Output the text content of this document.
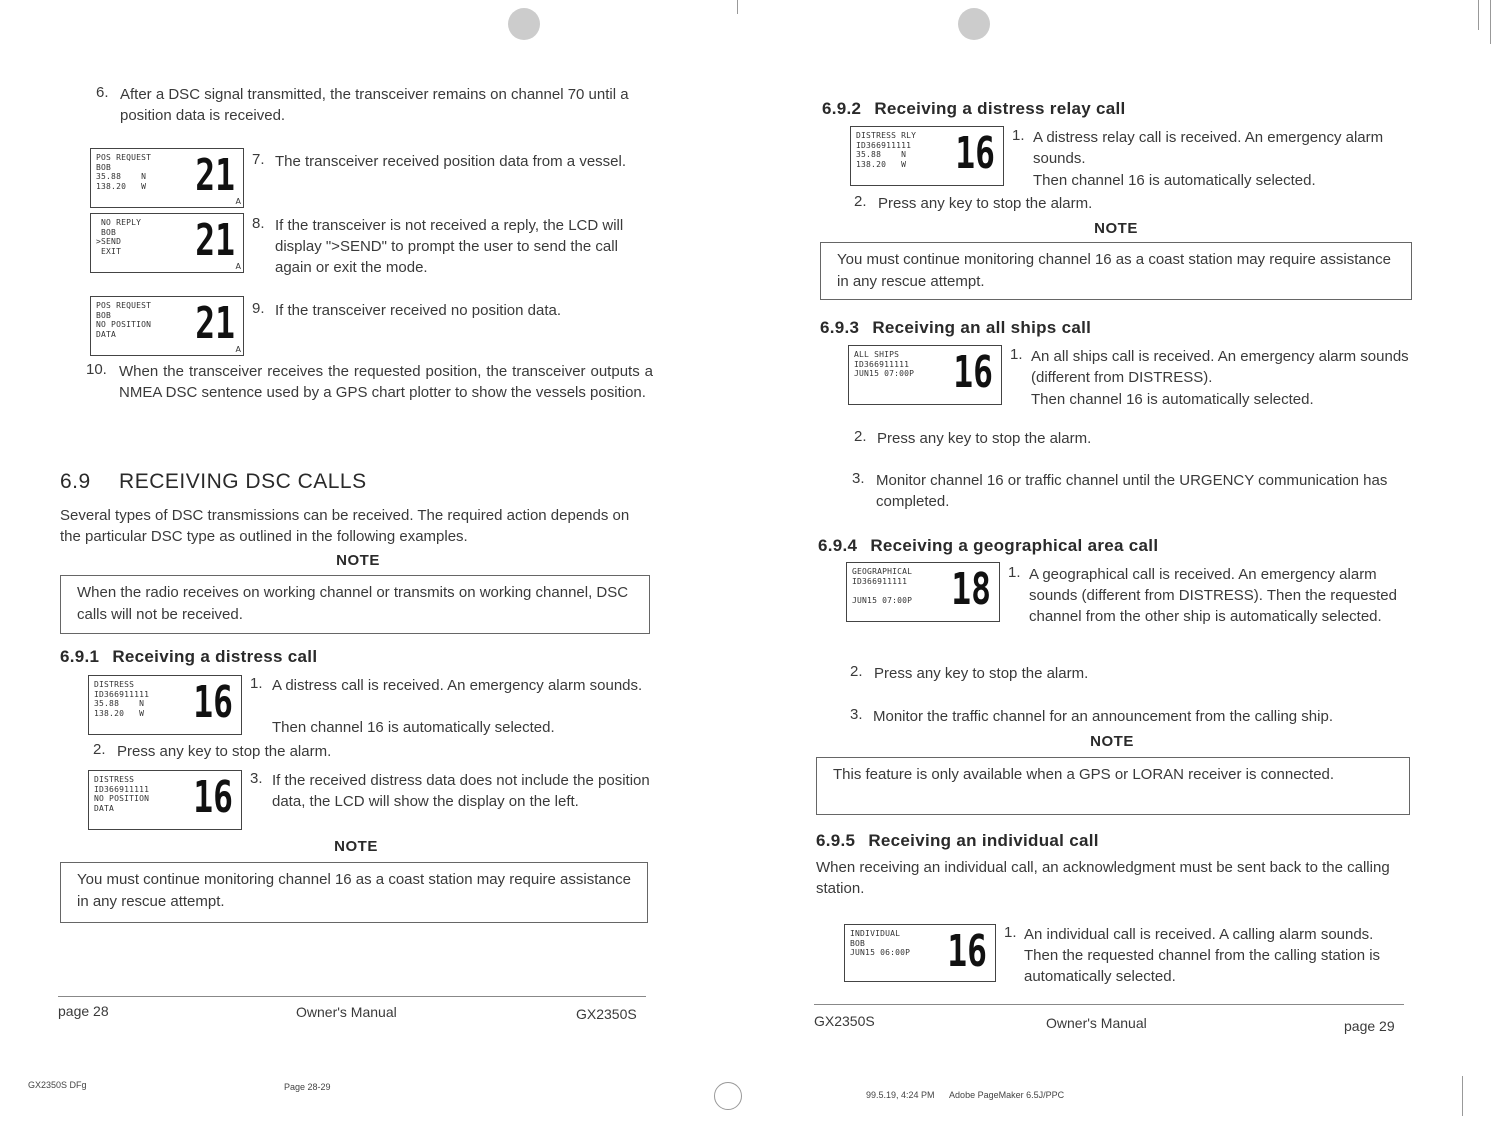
6. After a DSC signal transmitted, the transceiver remains on channel 70 until a position data is received.

POS REQUEST
BOB
35.88    N
138.20   W 21
A
7. The transceiver received position data from a vessel.

NO REPLY
BOB
>SEND
EXIT	21
A
8. If the transceiver is not received a reply, the LCD will display ">SEND" to prompt the user to send the call again or exit the mode.

POS REQUEST
BOB
NO POSITION
DATA	21
A
9. If the transceiver received no position data.

10. When the transceiver receives the requested position, the transceiver outputs a NMEA DSC sentence used by a GPS chart plotter to show the vessels position.

6.9 RECEIVING DSC CALLS

Several types of DSC transmissions can be received. The required action depends on the particular DSC type as outlined in the following examples.

NOTE
When the radio receives on working channel or transmits on working channel, DSC calls will not be received.
6.9.1 Receiving a distress call
DISTRESS
ID366911111
35.88    N
138.20   W 16 1. A distress call is received. An emergency alarm sounds.

Then channel 16 is automatically selected.

2. Press any key to stop the alarm.

DISTRESS
ID366911111
NO POSITION
DATA	16 3. If the received distress data does not include the position data, the LCD will show the display on the left.

NOTE
You must continue monitoring channel 16 as a coast station may require assistance in any rescue attempt.
page 28	Owner's Manual	GX2350S
GX2350S DFg	Page 28-29
6.9.2 Receiving a distress relay call
DISTRESS RLY
ID366911111
35.88    N
138.20   W 16 1. A distress relay call is received. An emergency alarm sounds.

Then channel 16 is automatically selected.

2. Press any key to stop the alarm.

NOTE
You must continue monitoring channel 16 as a coast station may require assistance in any rescue attempt.
6.9.3 Receiving an all ships call
ALL SHIPS
ID366911111
JUN15 07:00P 16 1. An all ships call is received. An emergency alarm sounds (different from DISTRESS).

Then channel 16 is automatically selected.

2. Press any key to stop the alarm.

3. Monitor channel 16 or traffic channel until the URGENCY communication has completed.

6.9.4 Receiving a geographical area call
GEOGRAPHICAL
ID366911111

JUN15 07:00P 18 1. A geographical call is received. An emergency alarm sounds (different from DISTRESS). Then the requested channel from the other ship is automatically selected.

2. Press any key to stop the alarm.

3. Monitor the traffic channel for an announcement from the calling ship.

NOTE
This feature is only available when a GPS or LORAN receiver is connected.
6.9.5 Receiving an individual call

When receiving an individual call, an acknowledgment must be sent back to the calling station.

INDIVIDUAL
BOB
JUN15 06:00P 16 1. An individual call is received. A calling alarm sounds. Then the requested channel from the calling station is automatically selected.

GX2350S	Owner's Manual	page 29
99.5.19, 4:24 PM      Adobe PageMaker 6.5J/PPC
